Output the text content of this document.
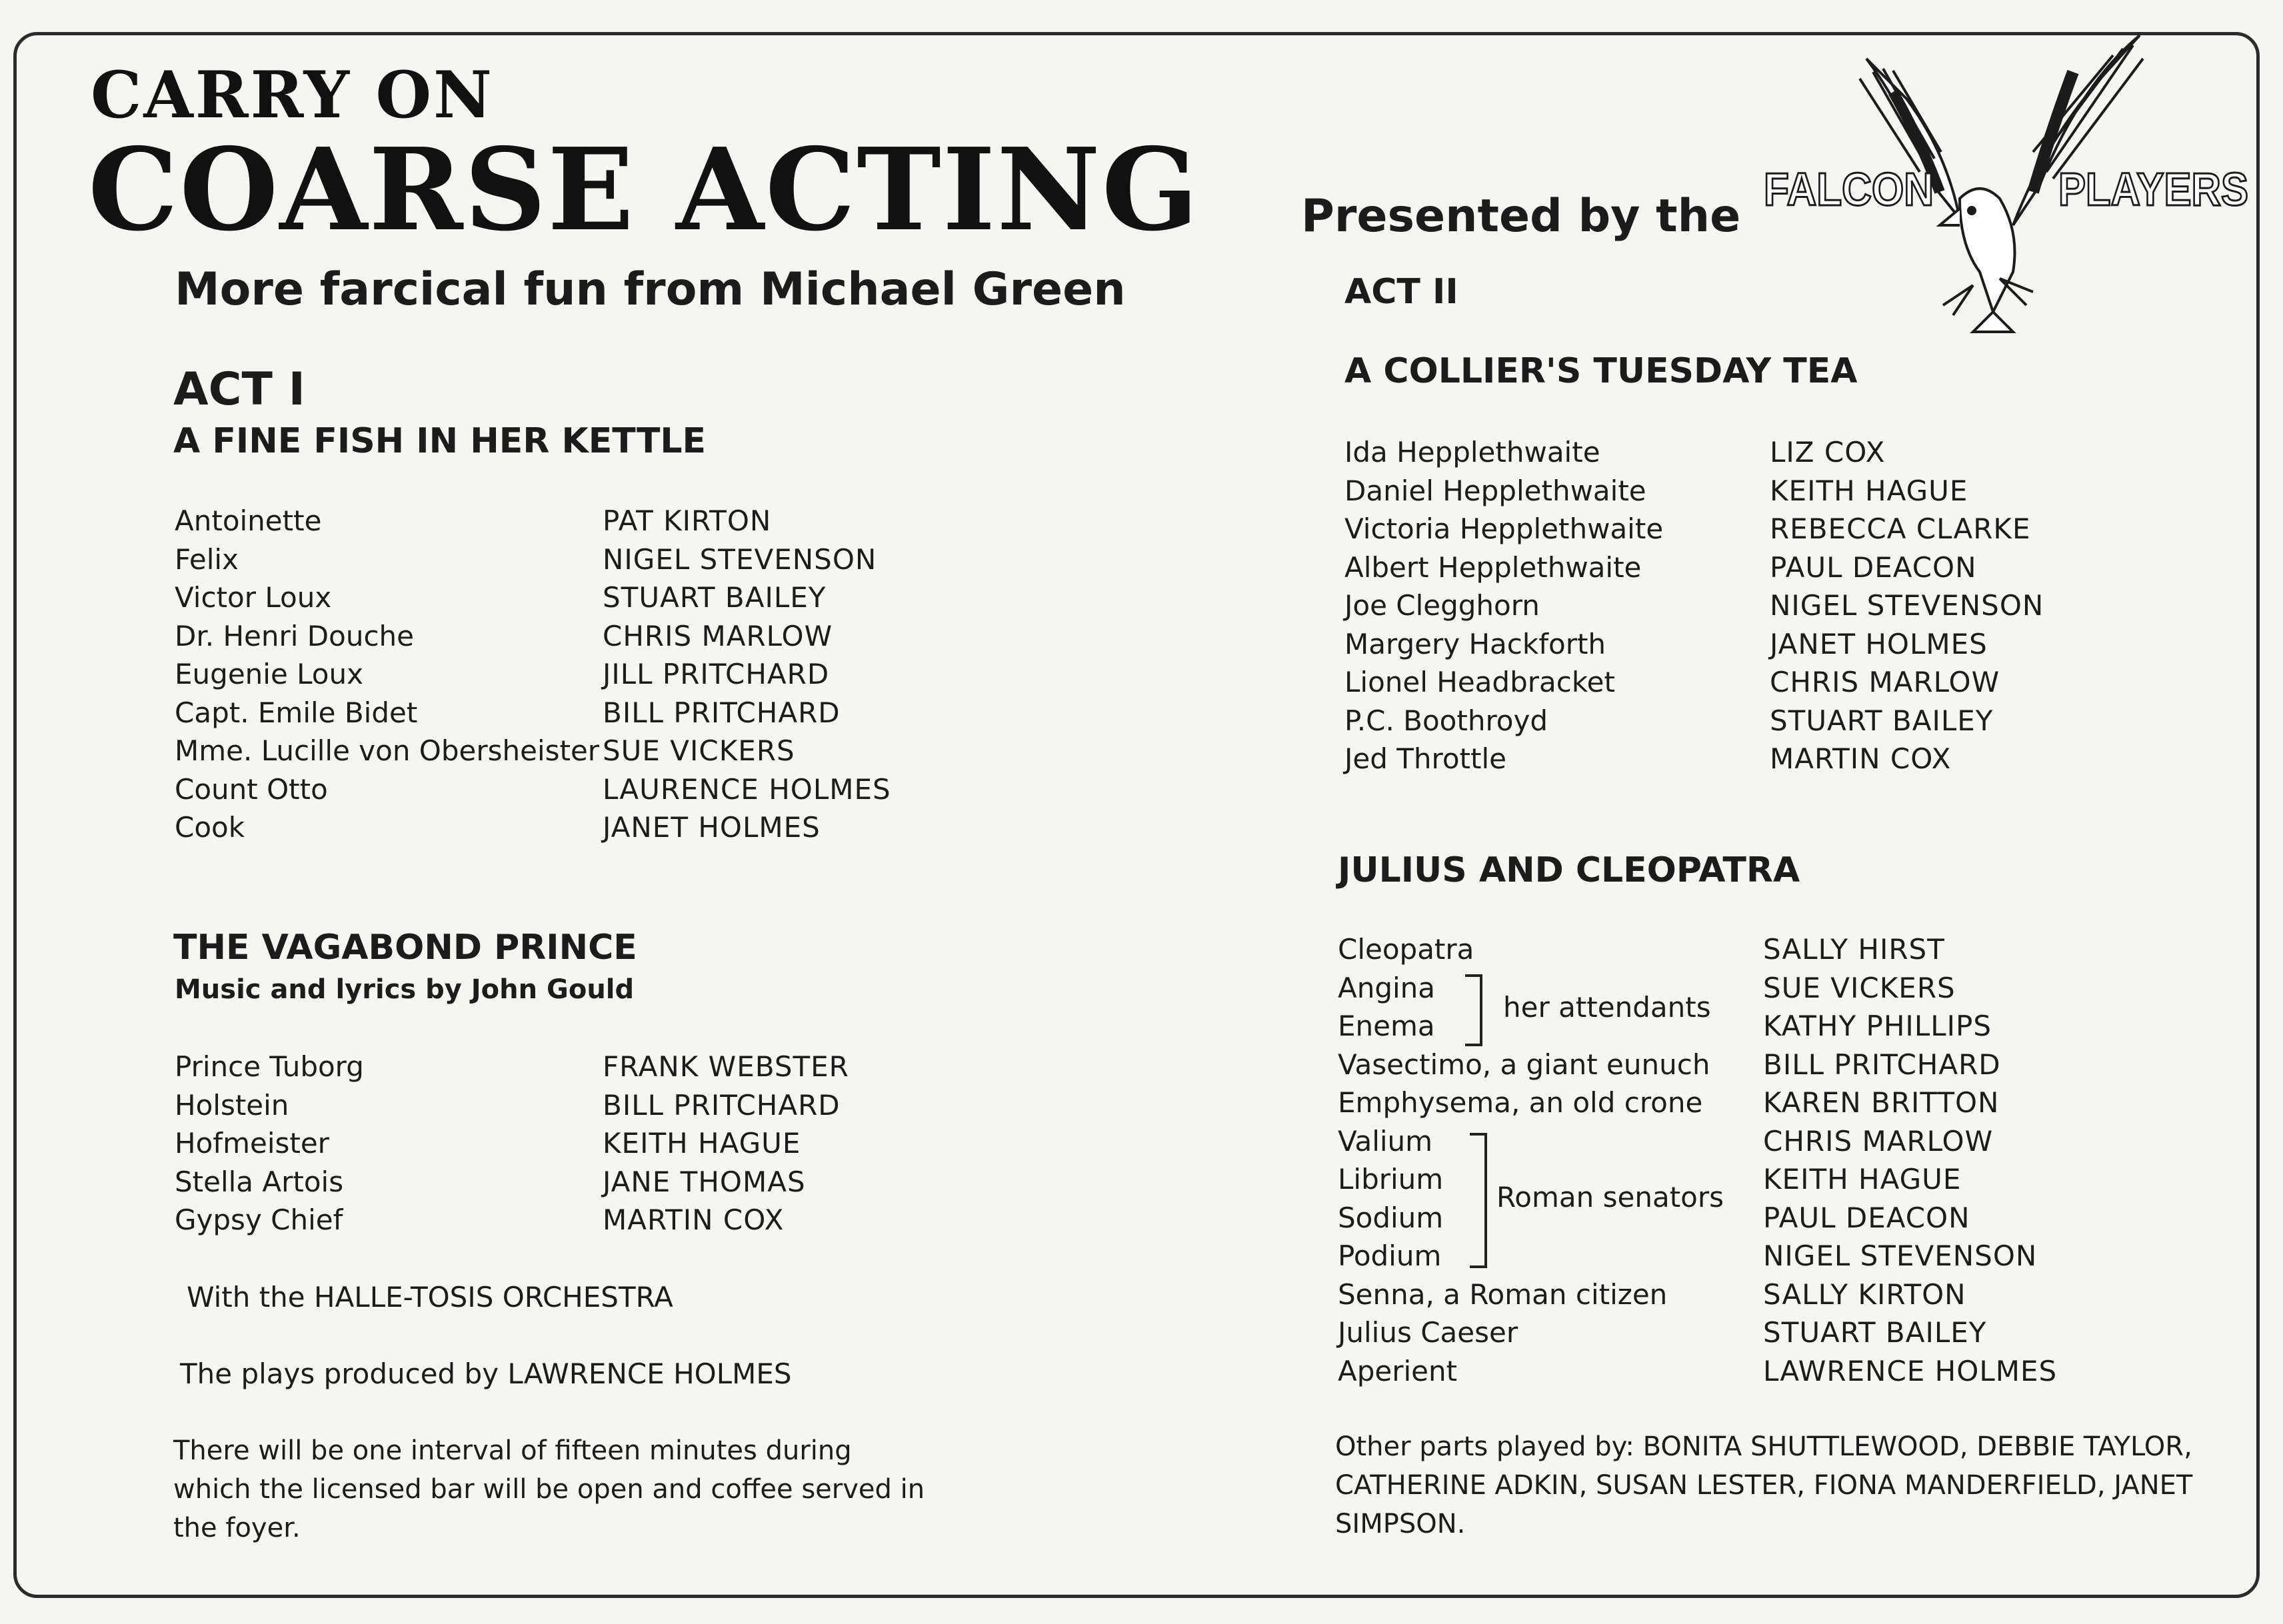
CARRY ON
COARSE ACTING
More farcical fun from Michael Green
Presented by the
FALCON	PLAYERS
ACT I
A FINE FISH IN HER KETTLE
Antoinette	PAT KIRTON
Felix	NIGEL STEVENSON
Victor Loux	STUART BAILEY
Dr. Henri Douche	CHRIS MARLOW
Eugenie Loux	JILL PRITCHARD
Capt. Emile Bidet	BILL PRITCHARD
Mme. Lucille von Obersheister SUE VICKERS
Count Otto	LAURENCE HOLMES
Cook	JANET HOLMES
THE VAGABOND PRINCE
Music and lyrics by John Gould
Prince Tuborg	FRANK WEBSTER
Holstein	BILL PRITCHARD
Hofmeister	KEITH HAGUE
Stella Artois	JANE THOMAS
Gypsy Chief	MARTIN COX
With the HALLE-TOSIS ORCHESTRA
The plays produced by LAWRENCE HOLMES
There will be one interval of fifteen minutes during which the licensed bar will be open and coffee served in the foyer.
ACT II
A COLLIER'S TUESDAY TEA
Ida Hepplethwaite	LIZ COX
Daniel Hepplethwaite	KEITH HAGUE
Victoria Hepplethwaite	REBECCA CLARKE
Albert Hepplethwaite	PAUL DEACON
Joe Clegghorn	NIGEL STEVENSON
Margery Hackforth	JANET HOLMES
Lionel Headbracket	CHRIS MARLOW
P.C. Boothroyd	STUART BAILEY
Jed Throttle	MARTIN COX
JULIUS AND CLEOPATRA
Cleopatra	SALLY HIRST
Angina	SUE VICKERS
Enema	KATHY PHILLIPS
Vasectimo, a giant eunuch BILL PRITCHARD
Emphysema, an old crone KAREN BRITTON
Valium	CHRIS MARLOW
Librium	KEITH HAGUE
Sodium	PAUL DEACON
Podium	NIGEL STEVENSON
Senna, a Roman citizen	SALLY KIRTON
Julius Caeser	STUART BAILEY
Aperient	LAWRENCE HOLMES
her attendants
Roman senators
Other parts played by: BONITA SHUTTLEWOOD, DEBBIE TAYLOR, CATHERINE ADKIN, SUSAN LESTER, FIONA MANDERFIELD, JANET SIMPSON.
